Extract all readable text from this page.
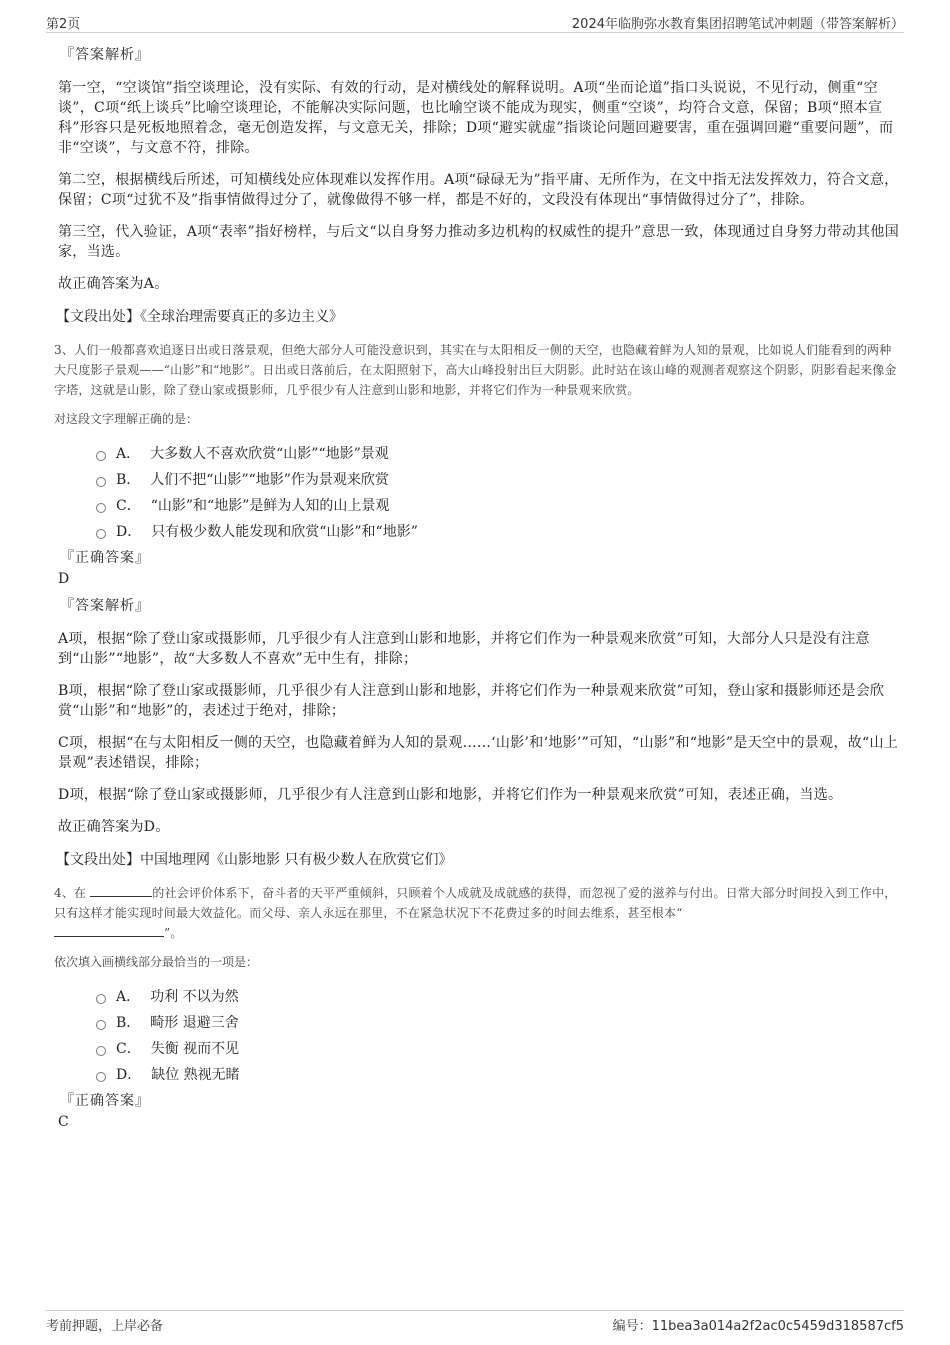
第2页	2024年临朐弥水教育集团招聘笔试冲刺题（带答案解析）
『答案解析』

第一空，“空谈馆”指空谈理论，没有实际、有效的行动，是对横线处的解释说明。A项“坐而论道”指口头说说，不见行动，侧重“空谈”，C项“纸上谈兵”比喻空谈理论，不能解决实际问题，也比喻空谈不能成为现实，侧重“空谈”，均符合文意，保留；B项“照本宣科”形容只是死板地照着念，毫无创造发挥，与文意无关，排除；D项“避实就虚”指谈论问题回避要害，重在强调回避“重要问题”，而非“空谈”，与文意不符，排除。

第二空，根据横线后所述，可知横线处应体现难以发挥作用。A项“碌碌无为”指平庸、无所作为，在文中指无法发挥效力，符合文意，保留；C项“过犹不及”指事情做得过分了，就像做得不够一样，都是不好的，文段没有体现出“事情做得过分了”，排除。

第三空，代入验证，A项“表率”指好榜样，与后文“以自身努力推动多边机构的权威性的提升”意思一致，体现通过自身努力带动其他国家，当选。

故正确答案为A。

【文段出处】《全球治理需要真正的多边主义》

3、人们一般都喜欢追逐日出或日落景观，但绝大部分人可能没意识到，其实在与太阳相反一侧的天空，也隐藏着鲜为人知的景观，比如说人们能看到的两种大尺度影子景观——“山影”和“地影”。日出或日落前后，在太阳照射下，高大山峰投射出巨大阴影。此时站在该山峰的观测者观察这个阴影，阴影看起来像金字塔，这就是山影，除了登山家或摄影师，几乎很少有人注意到山影和地影，并将它们作为一种景观来欣赏。

对这段文字理解正确的是：
A． 大多数人不喜欢欣赏“山影”“地影”景观
B． 人们不把“山影”“地影”作为景观来欣赏
C． “山影”和“地影”是鲜为人知的山上景观
D． 只有极少数人能发现和欣赏“山影”和“地影”
『正确答案』
D
『答案解析』

A项，根据“除了登山家或摄影师，几乎很少有人注意到山影和地影，并将它们作为一种景观来欣赏”可知，大部分人只是没有注意到“山影”“地影”，故“大多数人不喜欢”无中生有，排除；

B项，根据“除了登山家或摄影师，几乎很少有人注意到山影和地影，并将它们作为一种景观来欣赏”可知，登山家和摄影师还是会欣赏“山影”和“地影”的，表述过于绝对，排除；

C项，根据“在与太阳相反一侧的天空，也隐藏着鲜为人知的景观……‘山影’和‘地影’”可知，“山影”和“地影”是天空中的景观，故“山上景观”表述错误，排除；

D项，根据“除了登山家或摄影师，几乎很少有人注意到山影和地影，并将它们作为一种景观来欣赏”可知，表述正确，当选。

故正确答案为D。

【文段出处】中国地理网《山影地影 只有极少数人在欣赏它们》

4、在	的社会评价体系下，奋斗者的天平严重倾斜，只顾着个人成就及成就感的获得，而忽视了爱的滋养与付出。日常大部分时间投入到工作中，只有这样才能实现时间最大效益化。而父母、亲人永远在那里，不在紧急状况下不花费过多的时间去维系，甚至根本“
”。

依次填入画横线部分最恰当的一项是：
A． 功利 不以为然
B． 畸形 退避三舍
C． 失衡 视而不见
D． 缺位 熟视无睹
『正确答案』
C
考前押题，上岸必备	编号：11bea3a014a2f2ac0c5459d318587cf5
